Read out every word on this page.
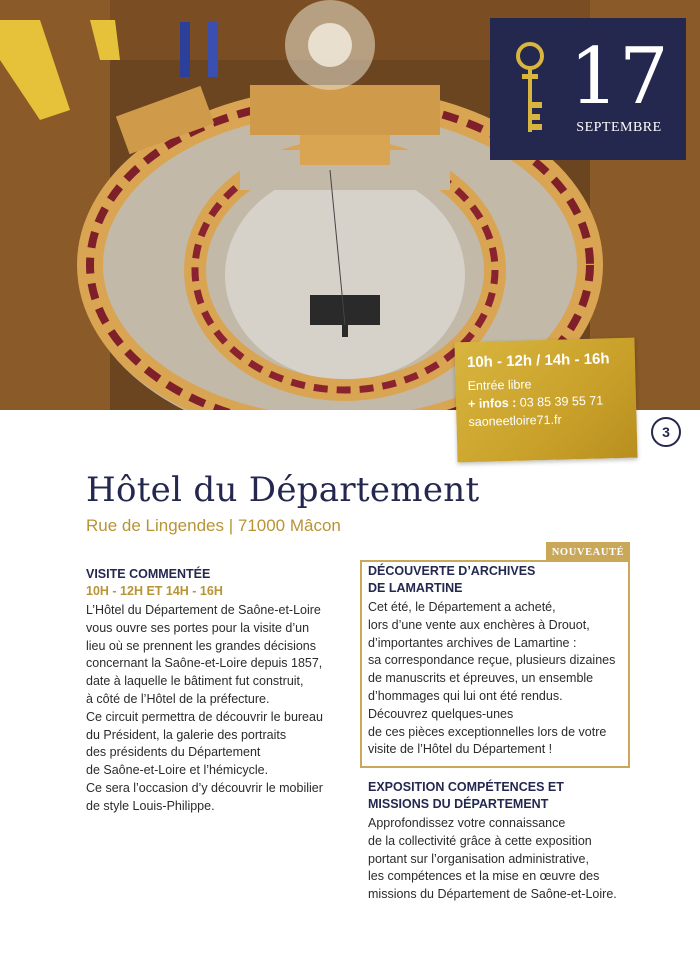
17
SEPTEMBRE
10h - 12h / 14h - 16h
Entrée libre
+ infos : 03 85 39 55 71
saoneetloire71.fr
3
Hôtel du Département
Rue de Lingendes | 71000 Mâcon
VISITE COMMENTÉE
10H - 12H ET 14H - 16H

L’Hôtel du Département de Saône-et-Loire

vous ouvre ses portes pour la visite d’un

lieu où se prennent les grandes décisions

concernant la Saône-et-Loire depuis 1857,

date à laquelle le bâtiment fut construit,

à côté de l’Hôtel de la préfecture.

Ce circuit permettra de découvrir le bureau

du Président, la galerie des portraits

des présidents du Département

de Saône-et-Loire et l’hémicycle.

Ce sera l’occasion d’y découvrir le mobilier

de style Louis-Philippe.

NOUVEAUTÉ
DÉCOUVERTE D’ARCHIVES
DE LAMARTINE

Cet été, le Département a acheté,

lors d’une vente aux enchères à Drouot,

d’importantes archives de Lamartine :

sa correspondance reçue, plusieurs dizaines

de manuscrits et épreuves, un ensemble

d’hommages qui lui ont été rendus.

Découvrez quelques-unes

de ces pièces exceptionnelles lors de votre

visite de l’Hôtel du Département !

EXPOSITION COMPÉTENCES ET
MISSIONS DU DÉPARTEMENT

Approfondissez votre connaissance

de la collectivité grâce à cette exposition

portant sur l’organisation administrative,

les compétences et la mise en œuvre des

missions du Département de Saône-et-Loire.
